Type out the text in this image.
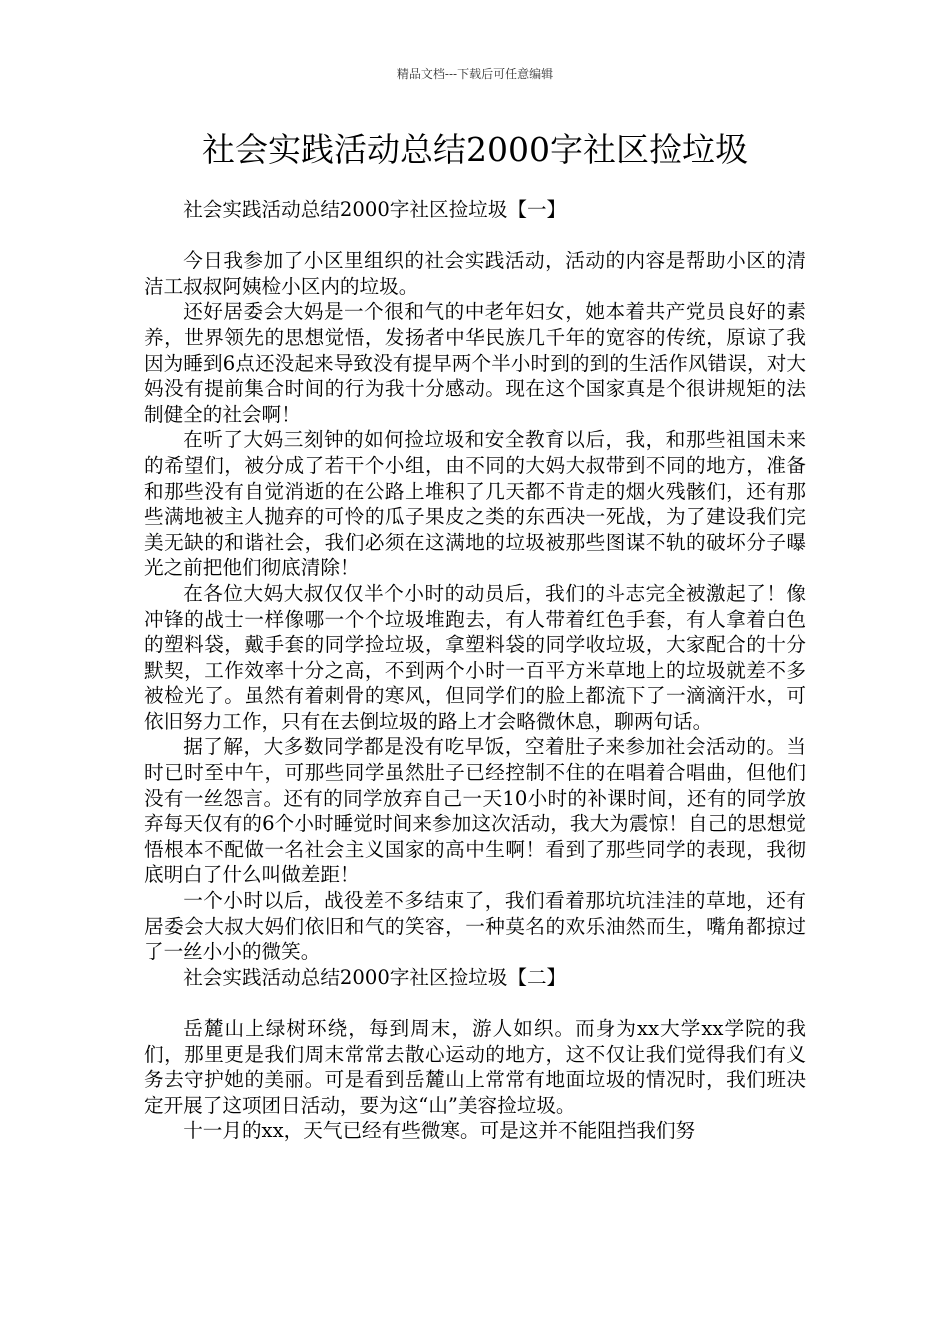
精品文档---下载后可任意编辑
社会实践活动总结2000字社区捡垃圾

社会实践活动总结2000字社区捡垃圾【一】

今日我参加了小区里组织的社会实践活动，活动的内容是帮助小区的清洁工叔叔阿姨检小区内的垃圾。

还好居委会大妈是一个很和气的中老年妇女，她本着共产党员良好的素养，世界领先的思想觉悟，发扬者中华民族几千年的宽容的传统，原谅了我因为睡到6点还没起来导致没有提早两个半小时到的到的生活作风错误，对大妈没有提前集合时间的行为我十分感动。现在这个国家真是个很讲规矩的法制健全的社会啊！

在听了大妈三刻钟的如何捡垃圾和安全教育以后，我，和那些祖国未来的希望们，被分成了若干个小组，由不同的大妈大叔带到不同的地方，准备和那些没有自觉消逝的在公路上堆积了几天都不肯走的烟火残骸们，还有那些满地被主人抛弃的可怜的瓜子果皮之类的东西决一死战，为了建设我们完美无缺的和谐社会，我们必须在这满地的垃圾被那些图谋不轨的破坏分子曝光之前把他们彻底清除！

在各位大妈大叔仅仅半个小时的动员后，我们的斗志完全被激起了！像冲锋的战士一样像哪一个个垃圾堆跑去，有人带着红色手套，有人拿着白色的塑料袋，戴手套的同学捡垃圾，拿塑料袋的同学收垃圾，大家配合的十分默契，工作效率十分之高，不到两个小时一百平方米草地上的垃圾就差不多被检光了。虽然有着刺骨的寒风，但同学们的脸上都流下了一滴滴汗水，可依旧努力工作，只有在去倒垃圾的路上才会略微休息，聊两句话。

据了解，大多数同学都是没有吃早饭，空着肚子来参加社会活动的。当时已时至中午，可那些同学虽然肚子已经控制不住的在唱着合唱曲，但他们没有一丝怨言。还有的同学放弃自己一天10小时的补课时间，还有的同学放弃每天仅有的6个小时睡觉时间来参加这次活动，我大为震惊！自己的思想觉悟根本不配做一名社会主义国家的高中生啊！看到了那些同学的表现，我彻底明白了什么叫做差距！

一个小时以后，战役差不多结束了，我们看着那坑坑洼洼的草地，还有居委会大叔大妈们依旧和气的笑容，一种莫名的欢乐油然而生，嘴角都掠过了一丝小小的微笑。

社会实践活动总结2000字社区捡垃圾【二】

岳麓山上绿树环绕，每到周末，游人如织。而身为xx大学xx学院的我们，那里更是我们周末常常去散心运动的地方，这不仅让我们觉得我们有义务去守护她的美丽。可是看到岳麓山上常常有地面垃圾的情况时，我们班决定开展了这项团日活动，要为这“山”美容捡垃圾。

十一月的xx，天气已经有些微寒。可是这并不能阻挡我们努
